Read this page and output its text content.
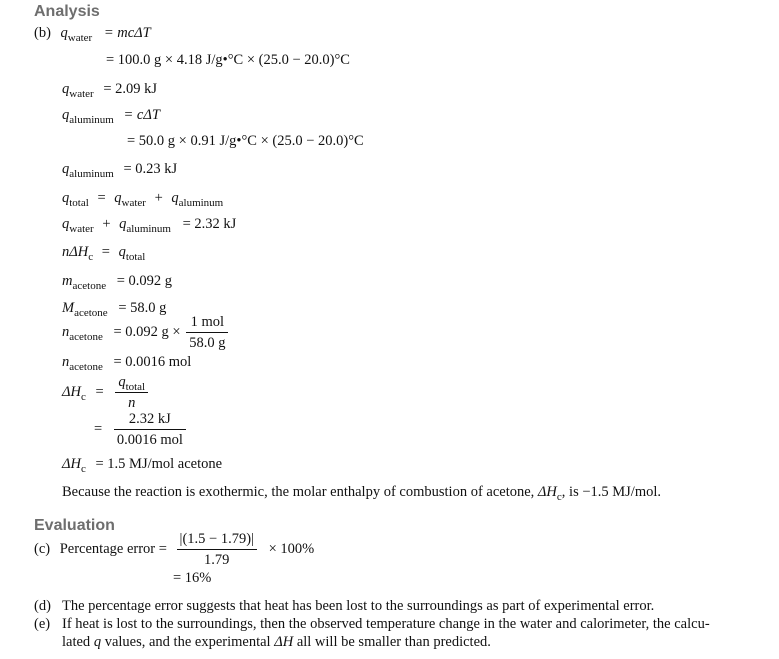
Analysis
(b) $q_{water} = mc\Delta T$
= 100.0 g × 4.18 J/g•°C × (25.0 − 20.0)°C
$q_{water} = 2.09$ kJ
$q_{aluminum} = c\Delta T$
= 50.0 g × 0.91 J/g•°C × (25.0 − 20.0)°C
$q_{aluminum} = 0.23$ kJ
$q_{total} = q_{water} + q_{aluminum}$
$q_{water} + q_{aluminum} = 2.32$ kJ
$n\Delta H_c = q_{total}$
$m_{acetone} = 0.092$ g
$M_{acetone} = 58.0$ g
$n_{acetone} = 0.092$ $g \times \frac{\text{1 mol}}{58.0 g}$
$n_{acetone} = 0.0016$ mol
$\Delta H_c = \frac{q_{total}}{n}$
= $\frac{2.32 kJ}{\text{0.0016 mol}}$
$\Delta H_c = 1.5$ MJ/mol acetone
Because the reaction is exothermic, the molar enthalpy of combustion of acetone, $\Delta H_c$, is −1.5 MJ/mol.
Evaluation
(c) Percentage error = $\frac{|(1.5 - 1.79)|}{1.79} \times 100\%$
= 16%
(d) The percentage error suggests that heat has been lost to the surroundings as part of experimental error.
(e) If heat is lost to the surroundings, then the observed temperature change in the water and calorimeter, the calcu-
lated q values, and the experimental ΔH all will be smaller than predicted.
